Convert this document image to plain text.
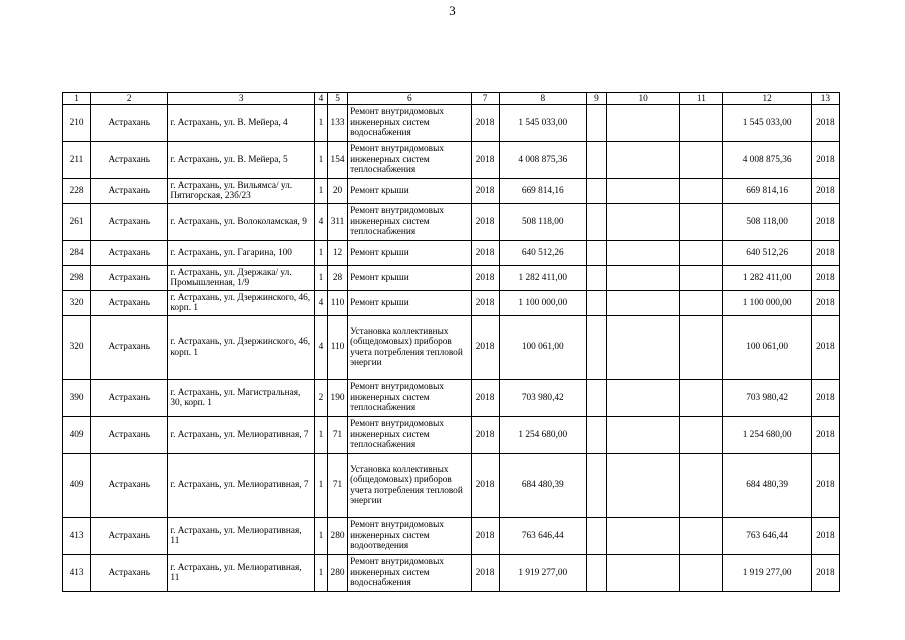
3
1	2	3	4	5	6	7	8	9	10	11	12	13
210	Астрахань	г. Астрахань, ул. В. Мейера, 4	1	133	Ремонт внутридомовых инженерных систем водоснабжения	2018	1 545 033,00				1 545 033,00	2018
211	Астрахань	г. Астрахань, ул. В. Мейера, 5	1	154	Ремонт внутридомовых инженерных систем теплоснабжения	2018	4 008 875,36				4 008 875,36	2018
228	Астрахань	г. Астрахань, ул. Вильямса/ ул. Пятигорская, 23б/23	1	20	Ремонт крыши	2018	669 814,16				669 814,16	2018
261	Астрахань	г. Астрахань, ул. Волоколамская, 9	4	311	Ремонт внутридомовых инженерных систем теплоснабжения	2018	508 118,00				508 118,00	2018
284	Астрахань	г. Астрахань, ул. Гагарина, 100	1	12	Ремонт крыши	2018	640 512,26				640 512,26	2018
298	Астрахань	г. Астрахань, ул. Дзержака/ ул. Промышленная, 1/9	1	28	Ремонт крыши	2018	1 282 411,00				1 282 411,00	2018
320	Астрахань	г. Астрахань, ул. Дзержинского, 46, корп. 1	4	110	Ремонт крыши	2018	1 100 000,00				1 100 000,00	2018
320	Астрахань	г. Астрахань, ул. Дзержинского, 46, корп. 1	4	110	Установка коллективных (общедомовых) приборов учета потребления тепловой энергии	2018	100 061,00				100 061,00	2018
390	Астрахань	г. Астрахань, ул. Магистральная, 30, корп. 1	2	190	Ремонт внутридомовых инженерных систем теплоснабжения	2018	703 980,42				703 980,42	2018
409	Астрахань	г. Астрахань, ул. Мелиоративная, 7	1	71	Ремонт внутридомовых инженерных систем теплоснабжения	2018	1 254 680,00				1 254 680,00	2018
409	Астрахань	г. Астрахань, ул. Мелиоративная, 7	1	71	Установка коллективных (общедомовых) приборов учета потребления тепловой энергии	2018	684 480,39				684 480,39	2018
413	Астрахань	г. Астрахань, ул. Мелиоративная, 11	1	280	Ремонт внутридомовых инженерных систем водоотведения	2018	763 646,44				763 646,44	2018
413	Астрахань	г. Астрахань, ул. Мелиоративная, 11	1	280	Ремонт внутридомовых инженерных систем водоснабжения	2018	1 919 277,00				1 919 277,00	2018
